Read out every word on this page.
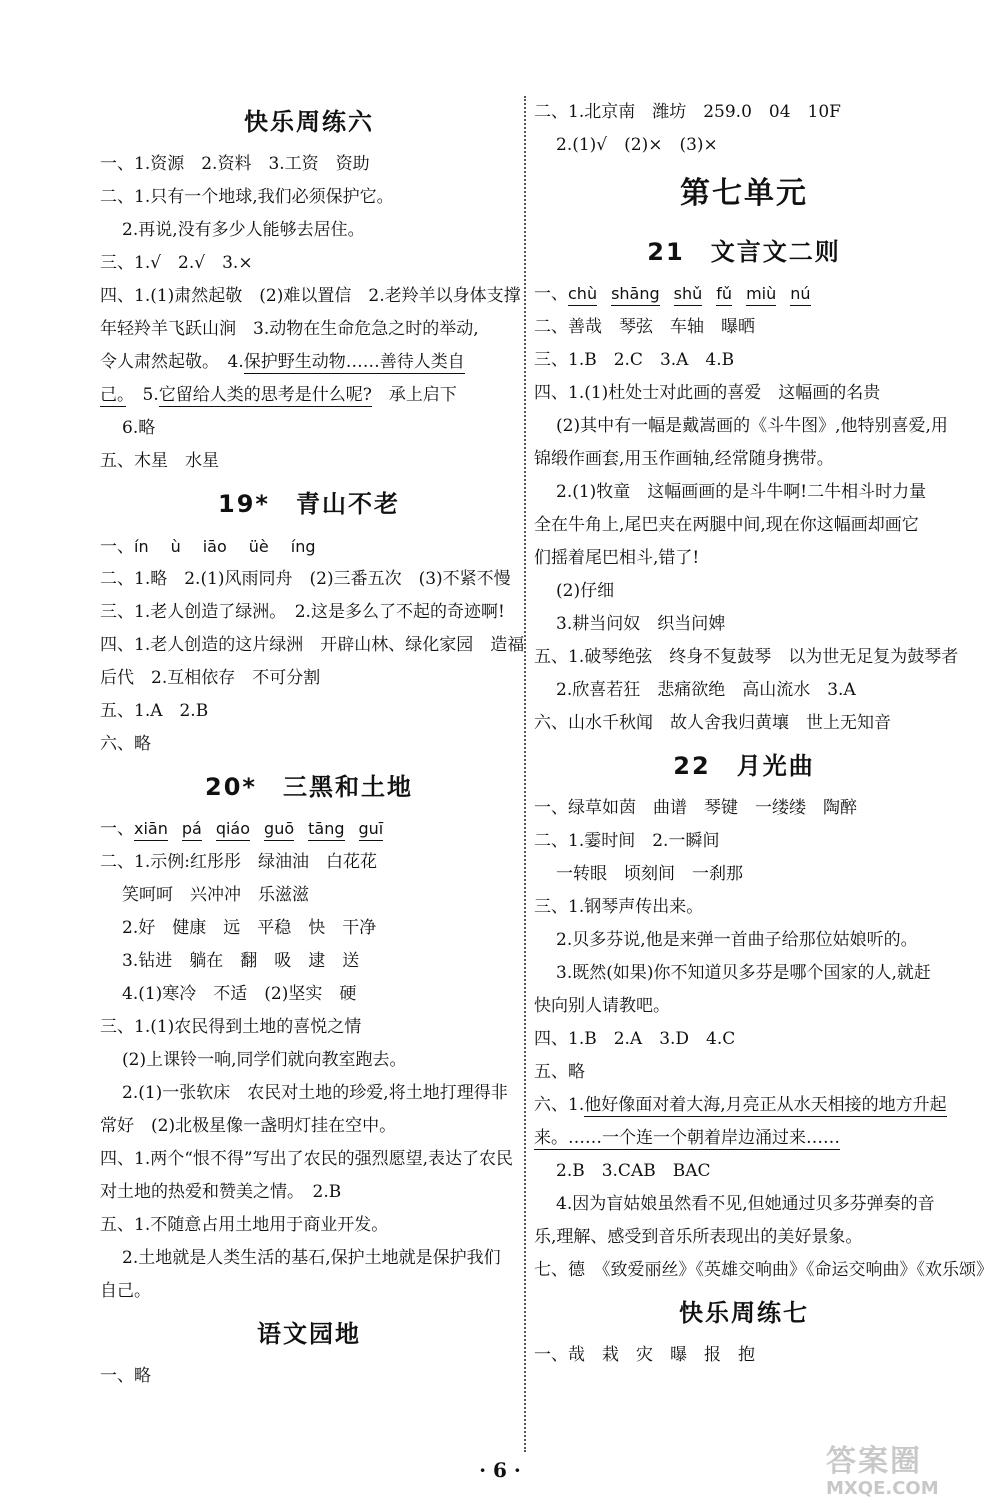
快乐周练六
一、1.资源　2.资料　3.工资　资助
二、1.只有一个地球,我们必须保护它。
2.再说,没有多少人能够去居住。
三、1.√　2.√　3.×
四、1.(1)肃然起敬　(2)难以置信　2.老羚羊以身体支撑
年轻羚羊飞跃山涧　3.动物在生命危急之时的举动,
令人肃然起敬。　4.保护野生动物……善待人类自
己。　5.它留给人类的思考是什么呢?　承上启下
6.略
五、木星　水星
19*　青山不老
一、ín ù iāo üè íng
二、1.略　2.(1)风雨同舟　(2)三番五次　(3)不紧不慢
三、1.老人创造了绿洲。　2.这是多么了不起的奇迹啊!
四、1.老人创造的这片绿洲　开辟山林、绿化家园　造福
后代　2.互相依存　不可分割
五、1.A　2.B
六、略
20*　三黑和土地
一、xiān pá qiáo guō tāng guī
二、1.示例:红彤彤　绿油油　白花花
笑呵呵　兴冲冲　乐滋滋
2.好　健康　远　平稳　快　干净
3.钻进　躺在　翻　吸　逮　送
4.(1)寒冷　不适　(2)坚实　硬
三、1.(1)农民得到土地的喜悦之情
(2)上课铃一响,同学们就向教室跑去。
2.(1)一张软床　农民对土地的珍爱,将土地打理得非
常好　(2)北极星像一盏明灯挂在空中。
四、1.两个“恨不得”写出了农民的强烈愿望,表达了农民
对土地的热爱和赞美之情。　2.B
五、1.不随意占用土地用于商业开发。
2.土地就是人类生活的基石,保护土地就是保护我们
自己。
语文园地
一、略
二、1.北京南　潍坊　259.0　04　10F
2.(1)√　(2)×　(3)×
第七单元
21　文言文二则
一、chù shāng shǔ fǔ miù nú
二、善哉　琴弦　车轴　曝晒
三、1.B　2.C　3.A　4.B
四、1.(1)杜处士对此画的喜爱　这幅画的名贵
(2)其中有一幅是戴嵩画的《斗牛图》,他特别喜爱,用
锦缎作画套,用玉作画轴,经常随身携带。
2.(1)牧童　这幅画画的是斗牛啊!二牛相斗时力量
全在牛角上,尾巴夹在两腿中间,现在你这幅画却画它
们摇着尾巴相斗,错了!
(2)仔细
3.耕当问奴　织当问婢
五、1.破琴绝弦　终身不复鼓琴　以为世无足复为鼓琴者
2.欣喜若狂　悲痛欲绝　高山流水　3.A
六、山水千秋闻　故人舍我归黄壤　世上无知音
22　月光曲
一、绿草如茵　曲谱　琴键　一缕缕　陶醉
二、1.霎时间　2.一瞬间
一转眼　顷刻间　一刹那
三、1.钢琴声传出来。
2.贝多芬说,他是来弹一首曲子给那位姑娘听的。
3.既然(如果)你不知道贝多芬是哪个国家的人,就赶
快向别人请教吧。
四、1.B　2.A　3.D　4.C
五、略
六、1.他好像面对着大海,月亮正从水天相接的地方升起
来。……一个连一个朝着岸边涌过来……
2.B　3.CAB　BAC
4.因为盲姑娘虽然看不见,但她通过贝多芬弹奏的音
乐,理解、感受到音乐所表现出的美好景象。
七、德　《致爱丽丝》《英雄交响曲》《命运交响曲》《欢乐颂》
快乐周练七
一、哉　栽　灾　曝　报　抱
· 6 ·	答案圈
MXQE.COM
